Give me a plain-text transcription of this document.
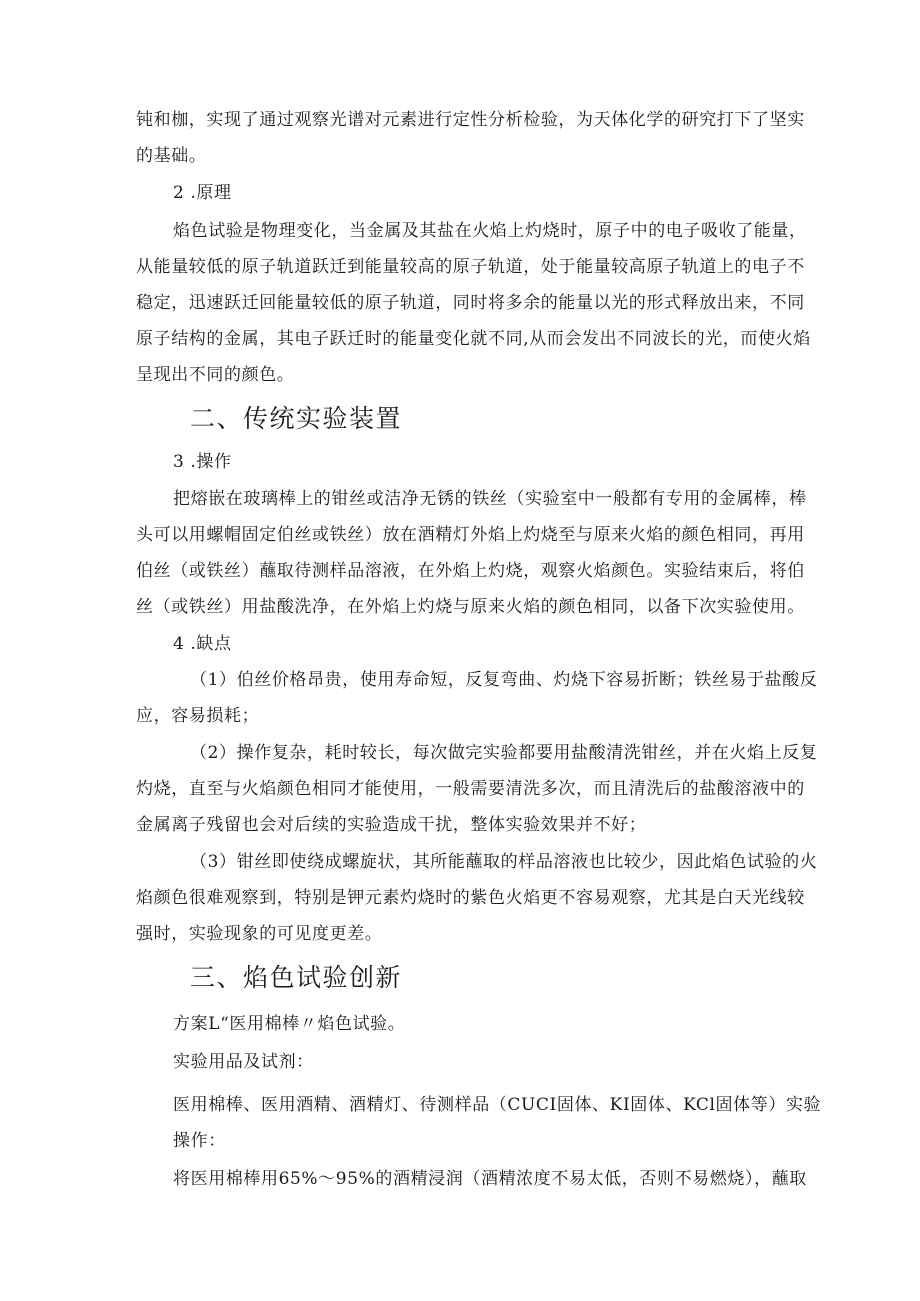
钝和枷，实现了通过观察光谱对元素进行定性分析检验，为天体化学的研究打下了坚实
的基础。
2 .原理
焰色试验是物理变化，当金属及其盐在火焰上灼烧时，原子中的电子吸收了能量，
从能量较低的原子轨道跃迁到能量较高的原子轨道，处于能量较高原子轨道上的电子不
稳定，迅速跃迁回能量较低的原子轨道，同时将多余的能量以光的形式释放出来，不同
原子结构的金属，其电子跃迁时的能量变化就不同,从而会发出不同波长的光，而使火焰
呈现出不同的颜色。
二、传统实验装置
3 .操作
把熔嵌在玻璃棒上的钳丝或洁净无锈的铁丝（实验室中一般都有专用的金属棒，棒
头可以用螺帽固定伯丝或铁丝）放在酒精灯外焰上灼烧至与原来火焰的颜色相同，再用
伯丝（或铁丝）蘸取待测样品溶液，在外焰上灼烧，观察火焰颜色。实验结束后，将伯
丝（或铁丝）用盐酸洗净，在外焰上灼烧与原来火焰的颜色相同，以备下次实验使用。
4 .缺点
（1）伯丝价格昂贵，使用寿命短，反复弯曲、灼烧下容易折断；铁丝易于盐酸反
应，容易损耗；
（2）操作复杂，耗时较长，每次做完实验都要用盐酸清洗钳丝，并在火焰上反复
灼烧，直至与火焰颜色相同才能使用，一般需要清洗多次，而且清洗后的盐酸溶液中的
金属离子残留也会对后续的实验造成干扰，整体实验效果并不好；
（3）钳丝即使绕成螺旋状，其所能蘸取的样品溶液也比较少，因此焰色试验的火
焰颜色很难观察到，特别是钾元素灼烧时的紫色火焰更不容易观察，尤其是白天光线较
强时，实验现象的可见度更差。
三、焰色试验创新
方案L“医用棉棒〃焰色试验。
实验用品及试剂：
医用棉棒、医用酒精、酒精灯、待测样品（CUCI固体、KI固体、KCl固体等）实验
操作：
将医用棉棒用65%〜95%的酒精浸润（酒精浓度不易太低，否则不易燃烧），蘸取
